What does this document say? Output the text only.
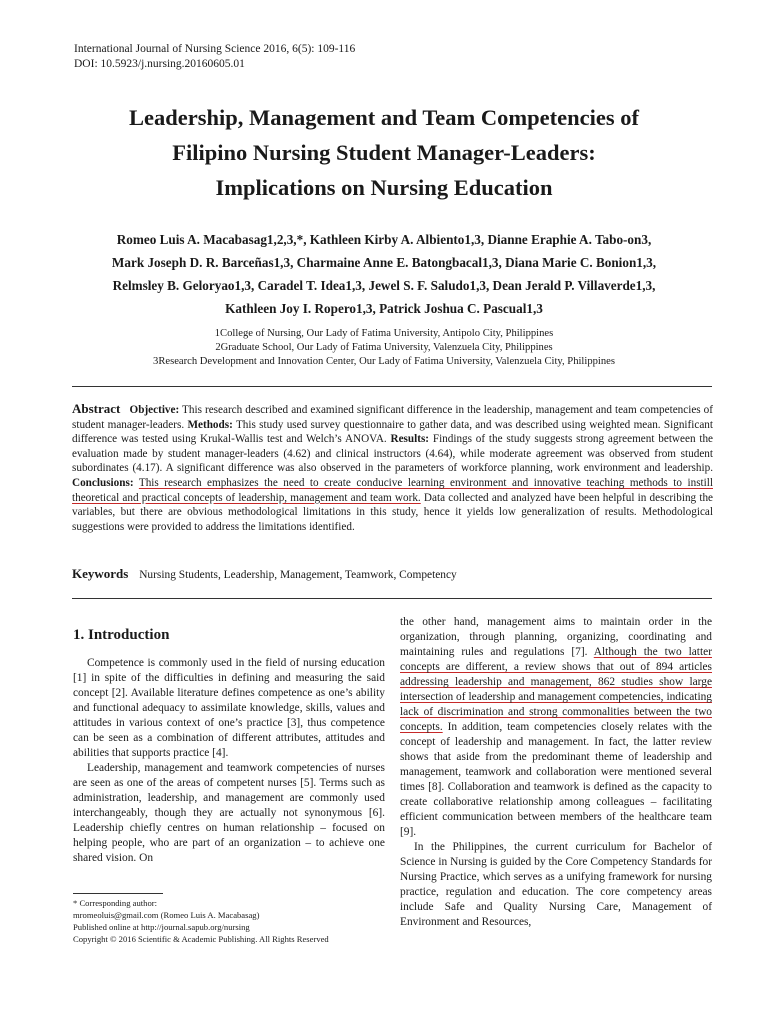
International Journal of Nursing Science 2016, 6(5): 109-116
DOI: 10.5923/j.nursing.20160605.01
Leadership, Management and Team Competencies of
Filipino Nursing Student Manager-Leaders:
Implications on Nursing Education
Romeo Luis A. Macabasag1,2,3,*, Kathleen Kirby A. Albiento1,3, Dianne Eraphie A. Tabo-on3,
Mark Joseph D. R. Barceñas1,3, Charmaine Anne E. Batongbacal1,3, Diana Marie C. Bonion1,3,
Relmsley B. Geloryao1,3, Caradel T. Idea1,3, Jewel S. F. Saludo1,3, Dean Jerald P. Villaverde1,3,
Kathleen Joy I. Ropero1,3, Patrick Joshua C. Pascual1,3
1College of Nursing, Our Lady of Fatima University, Antipolo City, Philippines
2Graduate School, Our Lady of Fatima University, Valenzuela City, Philippines
3Research Development and Innovation Center, Our Lady of Fatima University, Valenzuela City, Philippines
Abstract Objective: This research described and examined significant difference in the leadership, management and team competencies of student manager-leaders. Methods: This study used survey questionnaire to gather data, and was described using weighted mean. Significant difference was tested using Krukal-Wallis test and Welch’s ANOVA. Results: Findings of the study suggests strong agreement between the evaluation made by student manager-leaders (4.62) and clinical instructors (4.64), while moderate agreement was observed from student subordinates (4.17). A significant difference was also observed in the parameters of workforce planning, work environment and leadership. Conclusions: This research emphasizes the need to create conducive learning environment and innovative teaching methods to instill theoretical and practical concepts of leadership, management and team work. Data collected and analyzed have been helpful in describing the variables, but there are obvious methodological limitations in this study, hence it yields low generalization of results. Methodological suggestions were provided to address the limitations identified.
Keywords Nursing Students, Leadership, Management, Teamwork, Competency
1. Introduction

Competence is commonly used in the field of nursing education [1] in spite of the difficulties in defining and measuring the said concept [2]. Available literature defines competence as one’s ability and functional adequacy to assimilate knowledge, skills, values and attitudes in various context of one’s practice [3], thus competence can be seen as a combination of different attributes, attitudes and abilities that supports practice [4].

Leadership, management and teamwork competencies of nurses are seen as one of the areas of competent nurses [5]. Terms such as administration, leadership, and management are commonly used interchangeably, though they are actually not synonymous [6]. Leadership chiefly centres on human relationship – focused on helping people, who are part of an organization – to achieve one shared vision. On

the other hand, management aims to maintain order in the organization, through planning, organizing, coordinating and maintaining rules and regulations [7]. Although the two latter concepts are different, a review shows that out of 894 articles addressing leadership and management, 862 studies show large intersection of leadership and management competencies, indicating lack of discrimination and strong commonalities between the two concepts. In addition, team competencies closely relates with the concept of leadership and management. In fact, the latter review shows that aside from the predominant theme of leadership and management, teamwork and collaboration were mentioned several times [8]. Collaboration and teamwork is defined as the capacity to create collaborative relationship among colleagues – facilitating efficient communication between members of the healthcare team [9].

In the Philippines, the current curriculum for Bachelor of Science in Nursing is guided by the Core Competency Standards for Nursing Practice, which serves as a unifying framework for nursing practice, regulation and education. The core competency areas include Safe and Quality Nursing Care, Management of Environment and Resources,

* Corresponding author:
mromeoluis@gmail.com (Romeo Luis A. Macabasag)
Published online at http://journal.sapub.org/nursing
Copyright © 2016 Scientific & Academic Publishing. All Rights Reserved
